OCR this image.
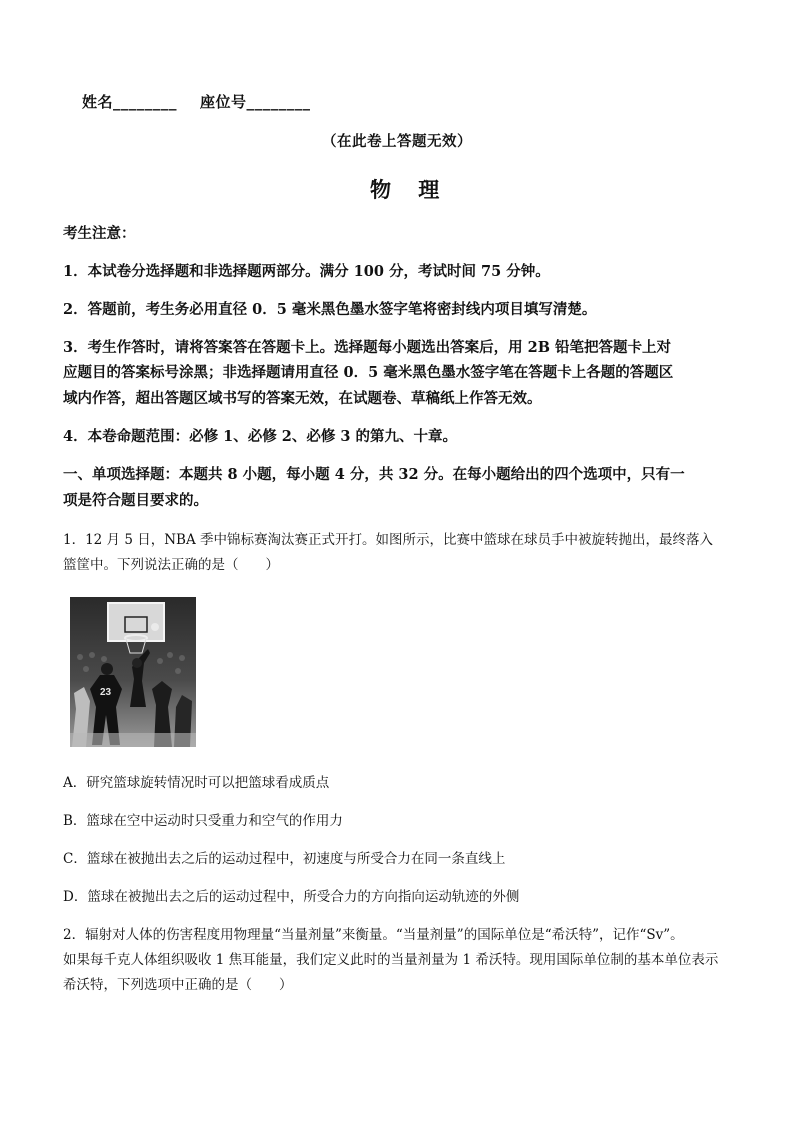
姓名________ 座位号________
（在此卷上答题无效）
物 理
考生注意：
1．本试卷分选择题和非选择题两部分。满分 100 分，考试时间 75 分钟。
2．答题前，考生务必用直径 0．5 毫米黑色墨水签字笔将密封线内项目填写清楚。
3．考生作答时，请将答案答在答题卡上。选择题每小题选出答案后，用 2B 铅笔把答题卡上对
应题目的答案标号涂黑；非选择题请用直径 0．5 毫米黑色墨水签字笔在答题卡上各题的答题区
域内作答，超出答题区域书写的答案无效，在试题卷、草稿纸上作答无效。
4．本卷命题范围：必修 1、必修 2、必修 3 的第九、十章。
一、单项选择题：本题共 8 小题，每小题 4 分，共 32 分。在每小题给出的四个选项中，只有一
项是符合题目要求的。
1．12 月 5 日，NBA 季中锦标赛淘汰赛正式开打。如图所示，比赛中篮球在球员手中被旋转抛出，最终落入
篮筐中。下列说法正确的是（　　）
23
A．研究篮球旋转情况时可以把篮球看成质点
B．篮球在空中运动时只受重力和空气的作用力
C．篮球在被抛出去之后的运动过程中，初速度与所受合力在同一条直线上
D．篮球在被抛出去之后的运动过程中，所受合力的方向指向运动轨迹的外侧
2．辐射对人体的伤害程度用物理量“当量剂量”来衡量。“当量剂量”的国际单位是“希沃特”，记作“Sv”。
如果每千克人体组织吸收 1 焦耳能量，我们定义此时的当量剂量为 1 希沃特。现用国际单位制的基本单位表示
希沃特，下列选项中正确的是（　　）
